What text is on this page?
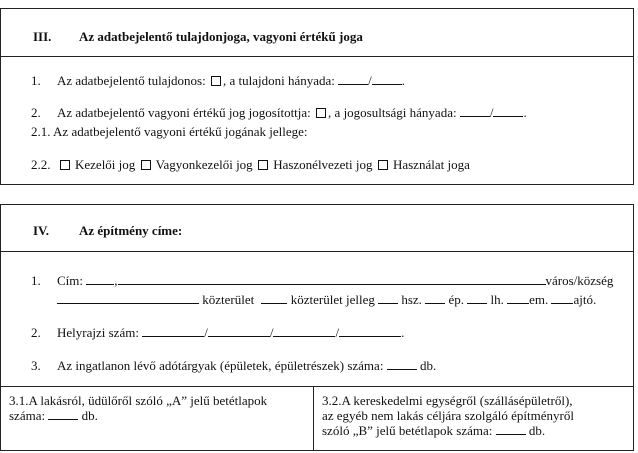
III. Az adatbejelentő tulajdonjoga, vagyoni értékű joga
1. Az adatbejelentő tulajdonos: , a tulajdoni hányada:	/ .
2. Az adatbejelentő vagyoni értékű jog jogosítottja: , a jogosultsági hányada:	/ .
2.1. Az adatbejelentő vagyoni értékű jogának jellege:
2.2. Kezelői jog Vagyonkezelői jog Haszonélvezeti jog Használat joga
IV. Az építmény címe:
1. Cím: ,	város/község
közterület	közterület jelleg hsz. ép. lh. em. ajtó.
2. Helyrajzi szám:	/	/	/	.
3. Az ingatlanon lévő adótárgyak (épületek, épületrészek) száma:	db.
3.1.A lakásról, üdülőről szóló „A” jelű betétlapok
száma:	db.
3.2.A kereskedelmi egységről (szállásépületről),
az egyéb nem lakás céljára szolgáló építményről
szóló „B” jelű betétlapok száma:	db.
